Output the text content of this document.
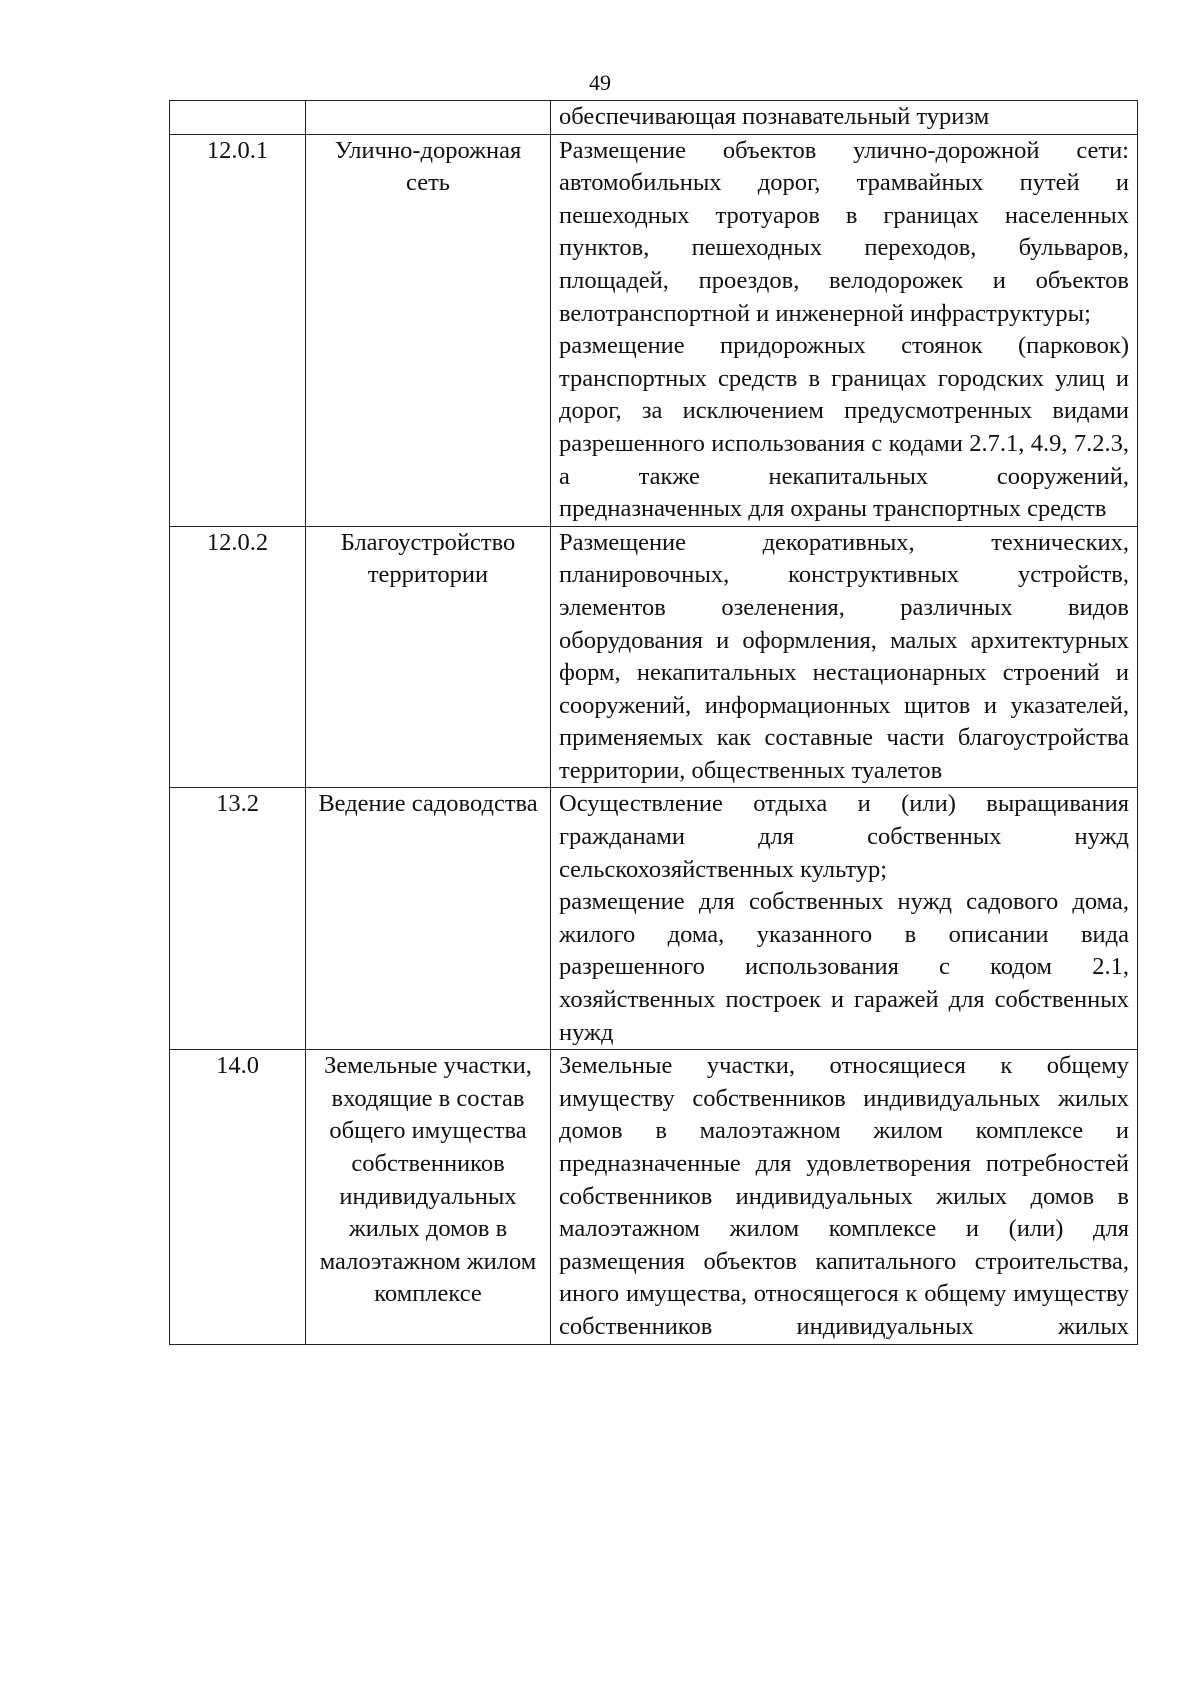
49

		обеспечивающая познавательный туризм

12.0.1	Улично-дорожная сеть	Размещение объектов улично-дорожной сети: автомобильных дорог, трамвайных путей и пешеходных тротуаров в границах населенных пунктов, пешеходных переходов, бульваров, площадей, проездов, велодорожек и объектов велотранспортной и инженерной инфраструктуры;

размещение придорожных стоянок (парковок) транспортных средств в границах городских улиц и дорог, за исключением предусмотренных видами разрешенного использования с кодами 2.7.1, 4.9, 7.2.3, а также некапитальных сооружений, предназначенных для охраны транспортных средств

12.0.2	Благоустройство территории	Размещение декоративных, технических, планировочных, конструктивных устройств, элементов озеленения, различных видов оборудования и оформления, малых архитектурных форм, некапитальных нестационарных строений и сооружений, информационных щитов и указателей, применяемых как составные части благоустройства территории, общественных туалетов

13.2	Ведение садоводства	Осуществление отдыха и (или) выращивания гражданами для собственных нужд сельскохозяйственных культур;

размещение для собственных нужд садового дома, жилого дома, указанного в описании вида разрешенного использования с кодом 2.1, хозяйственных построек и гаражей для собственных нужд

14.0	Земельные участки, входящие в состав общего имущества собственников индивидуальных жилых домов в малоэтажном жилом комплексе	Земельные участки, относящиеся к общему имуществу собственников индивидуальных жилых домов в малоэтажном жилом комплексе и предназначенные для удовлетворения потребностей собственников индивидуальных жилых домов в малоэтажном жилом комплексе и (или) для размещения объектов капитального строительства, иного имущества, относящегося к общему имуществу собственников индивидуальных жилых
